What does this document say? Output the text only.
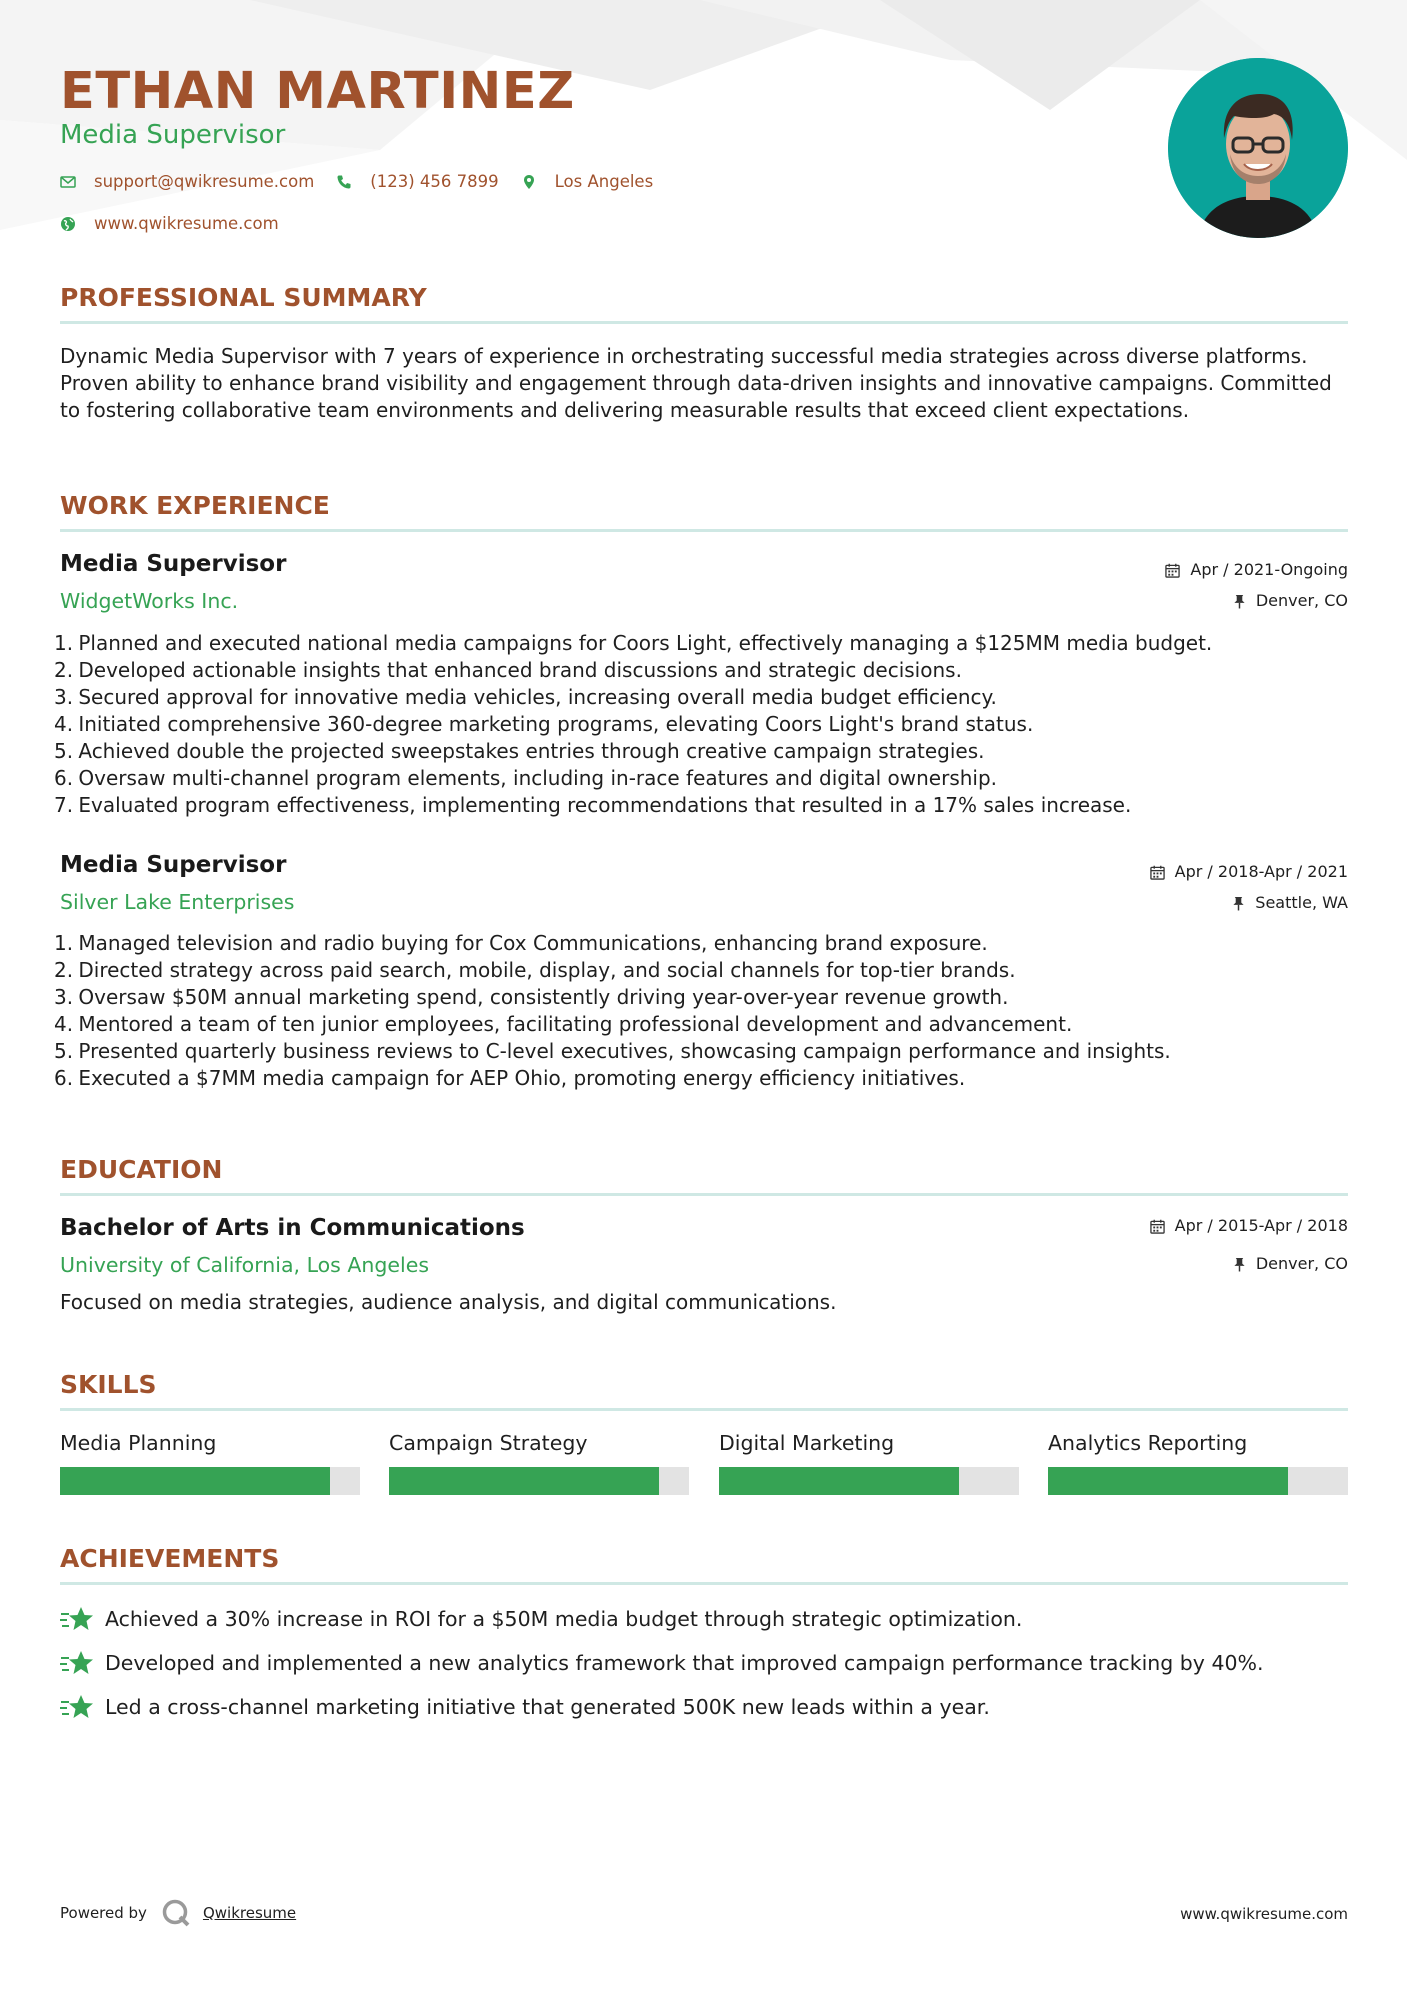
ETHAN MARTINEZ
Media Supervisor
support@qwikresume.com	(123) 456 7899	Los Angeles
www.qwikresume.com
PROFESSIONAL SUMMARY

Dynamic Media Supervisor with 7 years of experience in orchestrating successful media strategies across diverse platforms. Proven ability to enhance brand visibility and engagement through data-driven insights and innovative campaigns. Committed to fostering collaborative team environments and delivering measurable results that exceed client expectations.

WORK EXPERIENCE
Media Supervisor
WidgetWorks Inc.
Apr / 2021-Ongoing
Denver, CO
1.
Planned and executed national media campaigns for Coors Light, effectively managing a $125MM media budget.
2.
Developed actionable insights that enhanced brand discussions and strategic decisions.
3.
Secured approval for innovative media vehicles, increasing overall media budget efficiency.
4.
Initiated comprehensive 360-degree marketing programs, elevating Coors Light's brand status.
5.
Achieved double the projected sweepstakes entries through creative campaign strategies.
6.
Oversaw multi-channel program elements, including in-race features and digital ownership.
7.
Evaluated program effectiveness, implementing recommendations that resulted in a 17% sales increase.
Media Supervisor
Silver Lake Enterprises
Apr / 2018-Apr / 2021
Seattle, WA
1.
Managed television and radio buying for Cox Communications, enhancing brand exposure.
2.
Directed strategy across paid search, mobile, display, and social channels for top-tier brands.
3.
Oversaw $50M annual marketing spend, consistently driving year-over-year revenue growth.
4.
Mentored a team of ten junior employees, facilitating professional development and advancement.
5.
Presented quarterly business reviews to C-level executives, showcasing campaign performance and insights.
6.
Executed a $7MM media campaign for AEP Ohio, promoting energy efficiency initiatives.
EDUCATION
Bachelor of Arts in Communications
University of California, Los Angeles
Apr / 2015-Apr / 2018
Denver, CO

Focused on media strategies, audience analysis, and digital communications.

SKILLS
Media Planning	Campaign Strategy	Digital Marketing	Analytics Reporting
ACHIEVEMENTS
Achieved a 30% increase in ROI for a $50M media budget through strategic optimization.
Developed and implemented a new analytics framework that improved campaign performance tracking by 40%.
Led a cross-channel marketing initiative that generated 500K new leads within a year.
Powered by	Qwikresume	www.qwikresume.com
